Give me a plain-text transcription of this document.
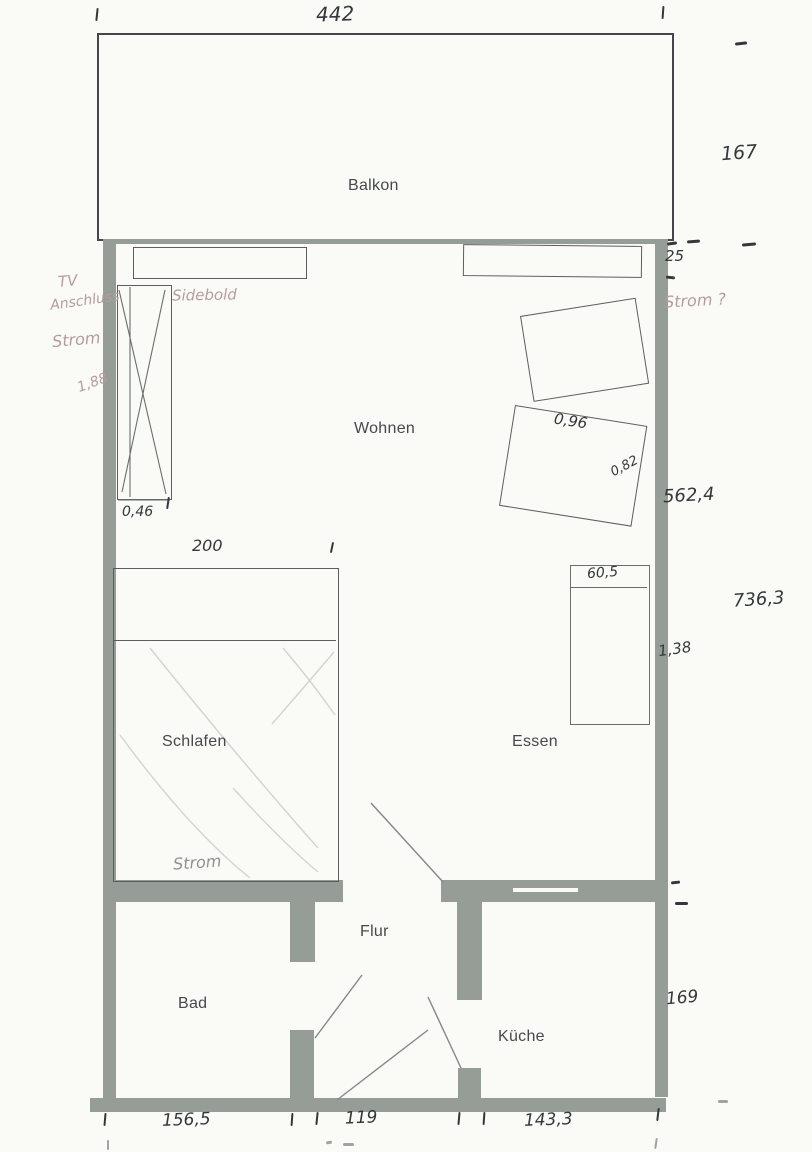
Balkon
Wohnen
Schlafen	Essen
Flur
Bad
Küche
442
167
25
562,4
736,3
1,38
169
156,5	119	143,3
200
0,46
1,88
60,5
0,96
0,82
TV
Anschluss
Strom
Sidebold	Strom ?
Strom
